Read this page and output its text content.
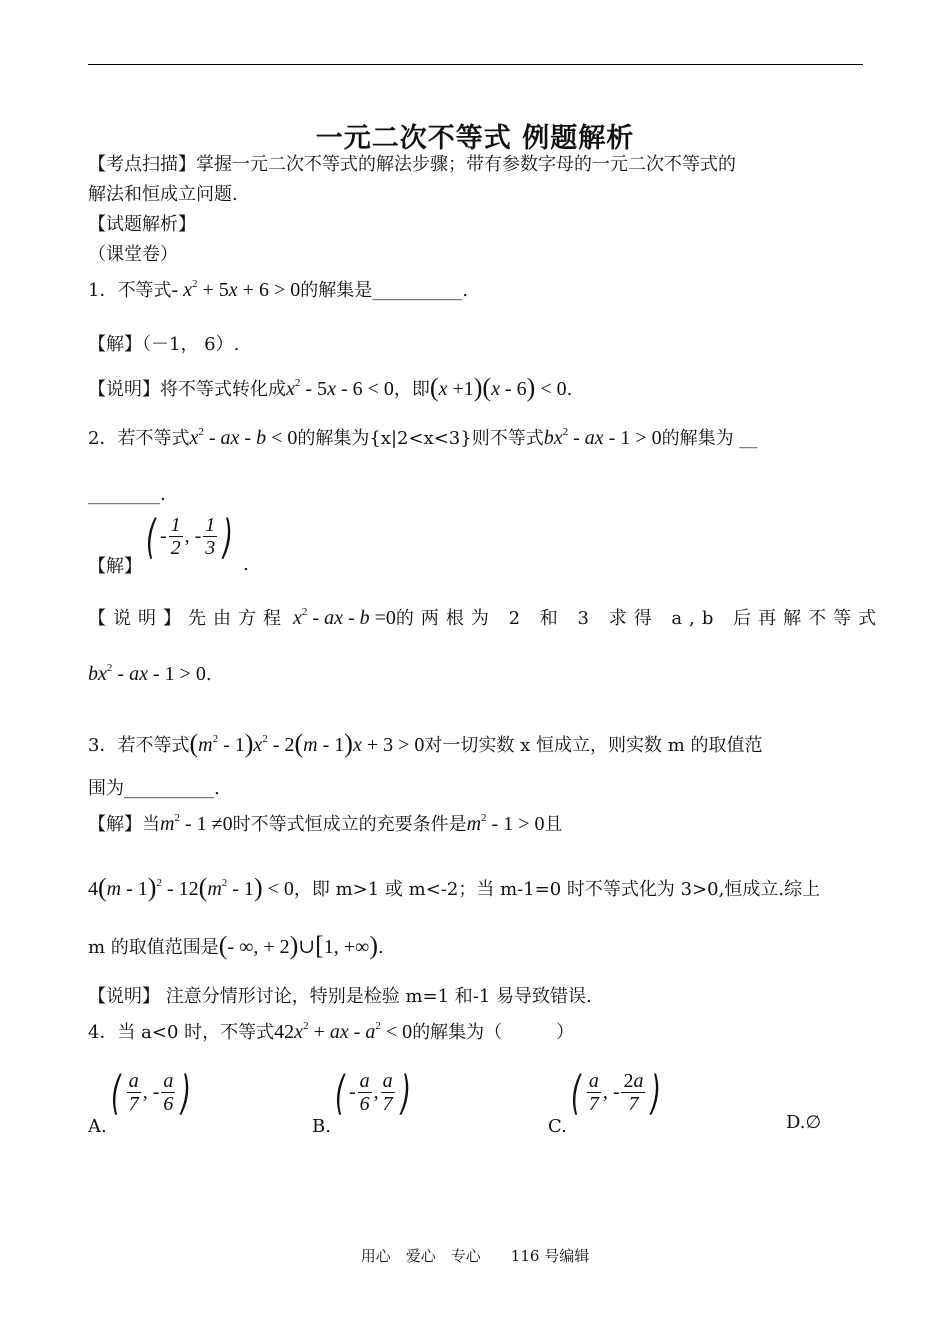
一元二次不等式 例题解析
【考点扫描】掌握一元二次不等式的解法步骤；带有参数字母的一元二次不等式的
解法和恒成立问题.
【试题解析】
（课堂卷）
1．不等式- $x^2 + 5x + 6 > 0$的解集是__________.
【解】（－1， 6）.
【说明】将不等式转化成$x^2 - 5x - 6 < 0$，即(x +1)(x - 6) < 0.
2．若不等式$x^2$ - ax - b < 0的解集为{x|2<x<3}则不等式$bx^2$ - ax - 1 > 0的解集为 __
________.
【解】( - $\frac{1}{2}$ , - $\frac{1}{3}$ ) .
【说明】先由方程 $x^2$ - ax - b =0的两根为 2 和 3 求得 a,b 后再解不等式
$bx^2$ - ax - 1 > 0.
3．若不等式$(m^2 - 1)x^2 - 2(m - 1)x + 3 > 0$对一切实数 x 恒成立，则实数 m 的取值范
围为__________.
【解】当$m^2 - 1 \ne 0$时不等式恒成立的充要条件是$m^2 - 1 > 0$且
$4(m - 1)^2 - 12(m^2 - 1) < 0$，即 m>1 或 m<-2；当 m-1=0 时不等式化为 3>0,恒成立.综上
m 的取值范围是(- ∞, + 2)∪[1, +∞).
【说明】 注意分情形讨论，特别是检验 m=1 和-1 易导致错误.
4．当 a<0 时，不等式$42x^2$ + ax - $a^2 < 0$的解集为（　　　）
$A.( \frac{a}{7}$ , - $\frac{a}{6}$ )
$B.( - \frac{a}{6}$ , $\frac{a}{7}$ )
$C.( \frac{a}{7}$ , - $\frac{2a}{7}$ )
D.∅
用心　爱心　专心　　116 号编辑
